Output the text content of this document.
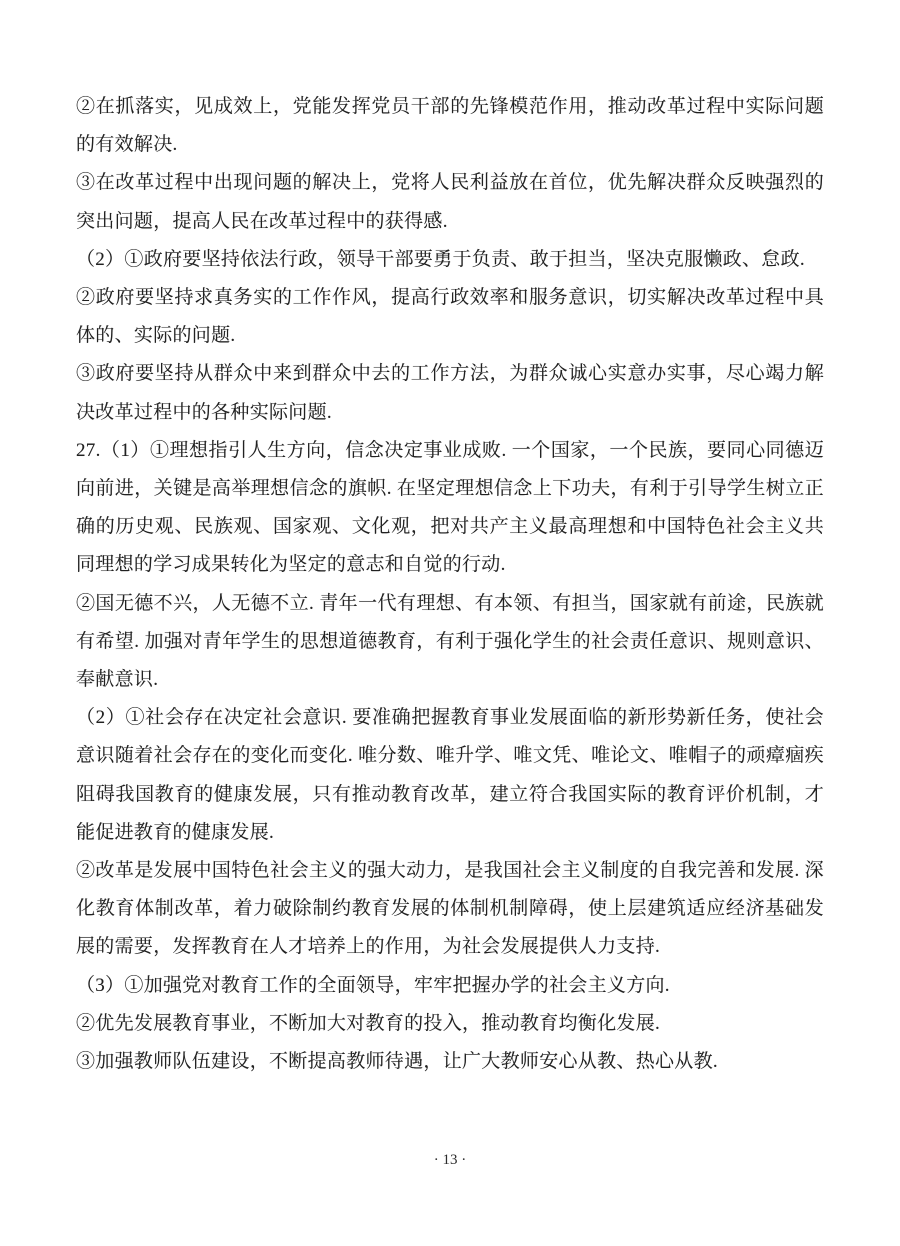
②在抓落实，见成效上，党能发挥党员干部的先锋模范作用，推动改革过程中实际问题的有效解决.

③在改革过程中出现问题的解决上，党将人民利益放在首位，优先解决群众反映强烈的突出问题，提高人民在改革过程中的获得感.

（2）①政府要坚持依法行政，领导干部要勇于负责、敢于担当，坚决克服懒政、怠政.

②政府要坚持求真务实的工作作风，提高行政效率和服务意识，切实解决改革过程中具体的、实际的问题.

③政府要坚持从群众中来到群众中去的工作方法，为群众诚心实意办实事，尽心竭力解决改革过程中的各种实际问题.

27.（1）①理想指引人生方向，信念决定事业成败. 一个国家，一个民族，要同心同德迈向前进，关键是高举理想信念的旗帜. 在坚定理想信念上下功夫，有利于引导学生树立正确的历史观、民族观、国家观、文化观，把对共产主义最高理想和中国特色社会主义共同理想的学习成果转化为坚定的意志和自觉的行动.

②国无德不兴，人无德不立. 青年一代有理想、有本领、有担当，国家就有前途，民族就有希望. 加强对青年学生的思想道德教育，有利于强化学生的社会责任意识、规则意识、奉献意识.

（2）①社会存在决定社会意识. 要准确把握教育事业发展面临的新形势新任务，使社会意识随着社会存在的变化而变化. 唯分数、唯升学、唯文凭、唯论文、唯帽子的顽瘴痼疾阻碍我国教育的健康发展，只有推动教育改革，建立符合我国实际的教育评价机制，才能促进教育的健康发展.

②改革是发展中国特色社会主义的强大动力，是我国社会主义制度的自我完善和发展. 深化教育体制改革，着力破除制约教育发展的体制机制障碍，使上层建筑适应经济基础发展的需要，发挥教育在人才培养上的作用，为社会发展提供人力支持.

（3）①加强党对教育工作的全面领导，牢牢把握办学的社会主义方向.

②优先发展教育事业，不断加大对教育的投入，推动教育均衡化发展.

③加强教师队伍建设，不断提高教师待遇，让广大教师安心从教、热心从教.

· 13 ·
